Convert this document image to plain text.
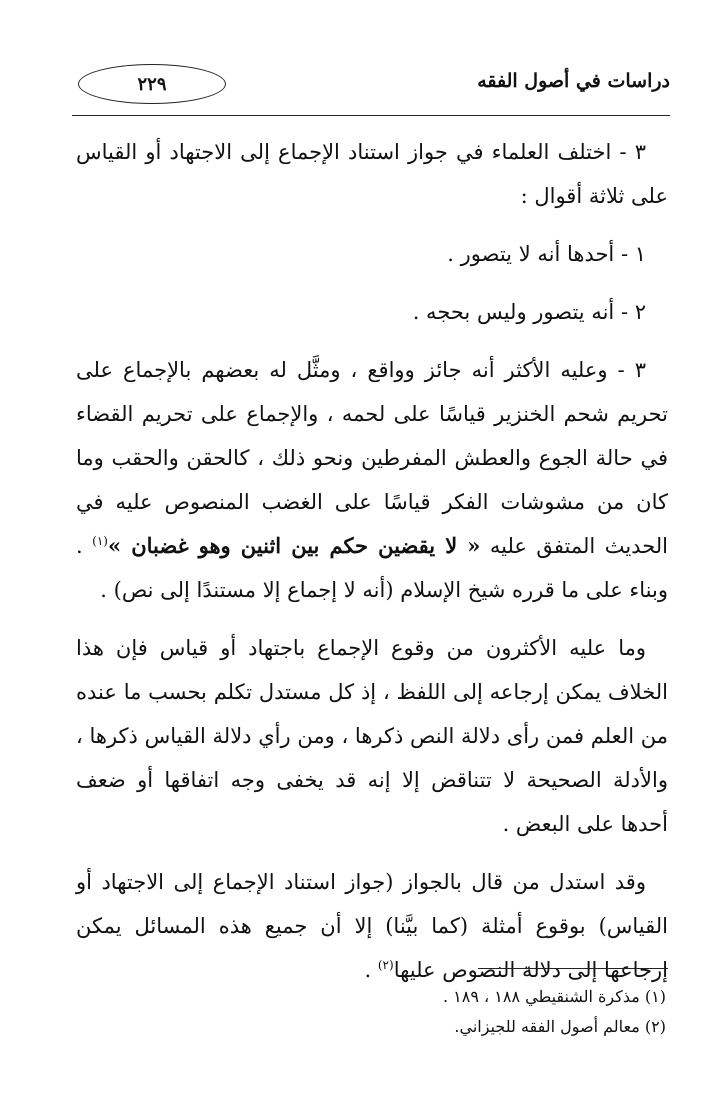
دراسات في أصول الفقه
٢٢٩

٣ - اختلف العلماء في جواز استناد الإجماع إلى الاجتهاد أو القياس على ثلاثة أقوال :

١ - أحدها أنه لا يتصور .

٢ - أنه يتصور وليس بحجه .

٣ - وعليه الأكثر أنه جائز وواقع ، ومثَّل له بعضهم بالإجماع على تحريم شحم الخنزير قياسًا على لحمه ، والإجماع على تحريم القضاء في حالة الجوع والعطش المفرطين ونحو ذلك ، كالحقن والحقب وما كان من مشوشات الفكر قياسًا على الغضب المنصوص عليه في الحديث المتفق عليه « لا يقضين حكم بين اثنين وهو غضبان »$^{(١)}$ . وبناء على ما قرره شيخ الإسلام (أنه لا إجماع إلا مستندًا إلى نص) .

وما عليه الأكثرون من وقوع الإجماع باجتهاد أو قياس فإن هذا الخلاف يمكن إرجاعه إلى اللفظ ، إذ كل مستدل تكلم بحسب ما عنده من العلم فمن رأى دلالة النص ذكرها ، ومن رأي دلالة القياس ذكرها ، والأدلة الصحيحة لا تتناقض إلا إنه قد يخفى وجه اتفاقها أو ضعف أحدها على البعض .

وقد استدل من قال بالجواز (جواز استناد الإجماع إلى الاجتهاد أو القياس) بوقوع أمثلة (كما بيَّنا) إلا أن جميع هذه المسائل يمكن إرجاعها إلى دلالة النصوص عليها$^{(٢)}$ .

(١) مذكرة الشنقيطي ١٨٨ ، ١٨٩ .
(٢) معالم أصول الفقه للجيزاني.
